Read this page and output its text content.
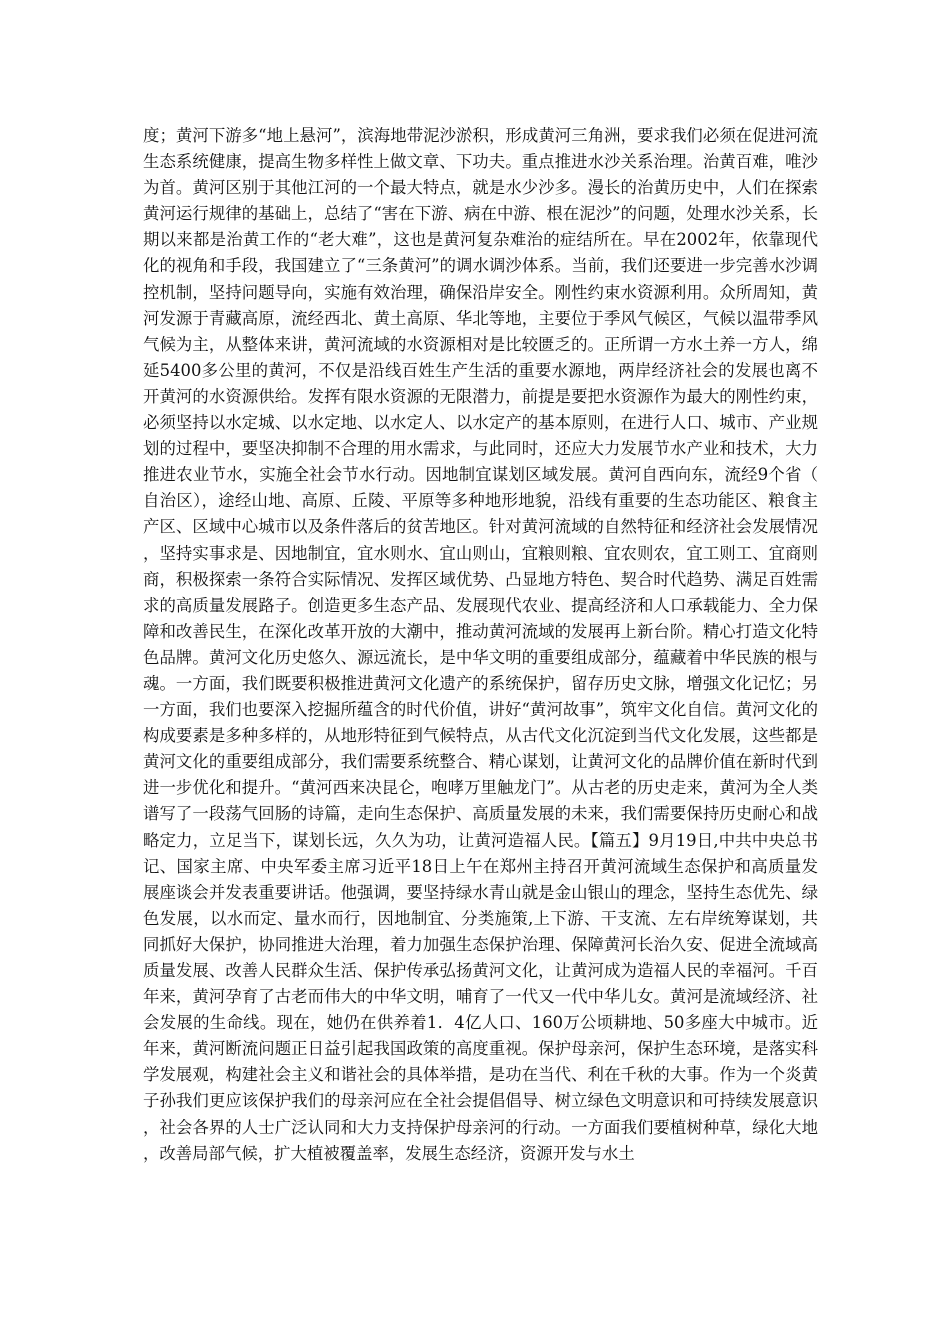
度；黄河下游多“地上悬河”，滨海地带泥沙淤积，形成黄河三角洲，要求我们必须在促进河流生态系统健康，提高生物多样性上做文章、下功夫。重点推进水沙关系治理。治黄百难，唯沙为首。黄河区别于其他江河的一个最大特点，就是水少沙多。漫长的治黄历史中，人们在探索黄河运行规律的基础上，总结了“害在下游、病在中游、根在泥沙”的问题，处理水沙关系，长期以来都是治黄工作的“老大难”，这也是黄河复杂难治的症结所在。早在2002年，依靠现代化的视角和手段，我国建立了“三条黄河”的调水调沙体系。当前，我们还要进一步完善水沙调控机制，坚持问题导向，实施有效治理，确保沿岸安全。刚性约束水资源利用。众所周知，黄河发源于青藏高原，流经西北、黄土高原、华北等地，主要位于季风气候区，气候以温带季风气候为主，从整体来讲，黄河流域的水资源相对是比较匮乏的。正所谓一方水土养一方人，绵延5400多公里的黄河，不仅是沿线百姓生产生活的重要水源地，两岸经济社会的发展也离不开黄河的水资源供给。发挥有限水资源的无限潜力，前提是要把水资源作为最大的刚性约束，必须坚持以水定城、以水定地、以水定人、以水定产的基本原则，在进行人口、城市、产业规划的过程中，要坚决抑制不合理的用水需求，与此同时，还应大力发展节水产业和技术，大力推进农业节水，实施全社会节水行动。因地制宜谋划区域发展。黄河自西向东，流经9个省（自治区），途经山地、高原、丘陵、平原等多种地形地貌，沿线有重要的生态功能区、粮食主产区、区域中心城市以及条件落后的贫苦地区。针对黄河流域的自然特征和经济社会发展情况，坚持实事求是、因地制宜，宜水则水、宜山则山，宜粮则粮、宜农则农，宜工则工、宜商则商，积极探索一条符合实际情况、发挥区域优势、凸显地方特色、契合时代趋势、满足百姓需求的高质量发展路子。创造更多生态产品、发展现代农业、提高经济和人口承载能力、全力保障和改善民生，在深化改革开放的大潮中，推动黄河流域的发展再上新台阶。精心打造文化特色品牌。黄河文化历史悠久、源远流长，是中华文明的重要组成部分，蕴藏着中华民族的根与魂。一方面，我们既要积极推进黄河文化遗产的系统保护，留存历史文脉，增强文化记忆；另一方面，我们也要深入挖掘所蕴含的时代价值，讲好“黄河故事”，筑牢文化自信。黄河文化的构成要素是多种多样的，从地形特征到气候特点，从古代文化沉淀到当代文化发展，这些都是黄河文化的重要组成部分，我们需要系统整合、精心谋划，让黄河文化的品牌价值在新时代到进一步优化和提升。“黄河西来决昆仑，咆哮万里触龙门”。从古老的历史走来，黄河为全人类谱写了一段荡气回肠的诗篇，走向生态保护、高质量发展的未来，我们需要保持历史耐心和战略定力，立足当下，谋划长远，久久为功，让黄河造福人民。【篇五】9月19日,中共中央总书记、国家主席、中央军委主席习近平18日上午在郑州主持召开黄河流域生态保护和高质量发展座谈会并发表重要讲话。他强调，要坚持绿水青山就是金山银山的理念，坚持生态优先、绿色发展，以水而定、量水而行，因地制宜、分类施策,上下游、干支流、左右岸统筹谋划，共同抓好大保护，协同推进大治理，着力加强生态保护治理、保障黄河长治久安、促进全流域高质量发展、改善人民群众生活、保护传承弘扬黄河文化，让黄河成为造福人民的幸福河。千百年来，黄河孕育了古老而伟大的中华文明，哺育了一代又一代中华儿女。黄河是流域经济、社会发展的生命线。现在，她仍在供养着1．4亿人口、160万公顷耕地、50多座大中城市。近年来，黄河断流问题正日益引起我国政策的高度重视。保护母亲河，保护生态环境，是落实科学发展观，构建社会主义和谐社会的具体举措，是功在当代、利在千秋的大事。作为一个炎黄子孙我们更应该保护我们的母亲河应在全社会提倡倡导、树立绿色文明意识和可持续发展意识，社会各界的人士广泛认同和大力支持保护母亲河的行动。一方面我们要植树种草，绿化大地，改善局部气候，扩大植被覆盖率，发展生态经济，资源开发与水土
